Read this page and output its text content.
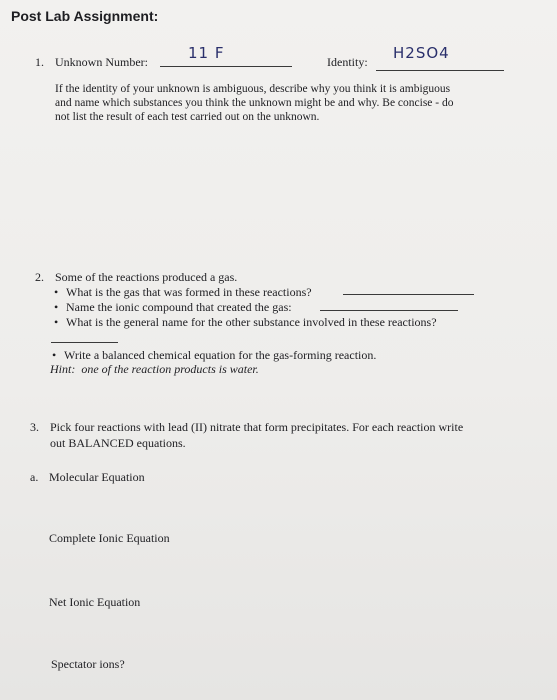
Post Lab Assignment:
1. Unknown Number:	11 F	Identity: H2SO4
If the identity of your unknown is ambiguous, describe why you think it is ambiguous
and name which substances you think the unknown might be and why. Be concise - do
not list the result of each test carried out on the unknown.
2. Some of the reactions produced a gas.
• What is the gas that was formed in these reactions?
• Name the ionic compound that created the gas:
• What is the general name for the other substance involved in these reactions?
• Write a balanced chemical equation for the gas-forming reaction.
Hint: one of the reaction products is water.
3. Pick four reactions with lead (II) nitrate that form precipitates. For each reaction write
out BALANCED equations.
a. Molecular Equation
Complete Ionic Equation
Net Ionic Equation
Spectator ions?
